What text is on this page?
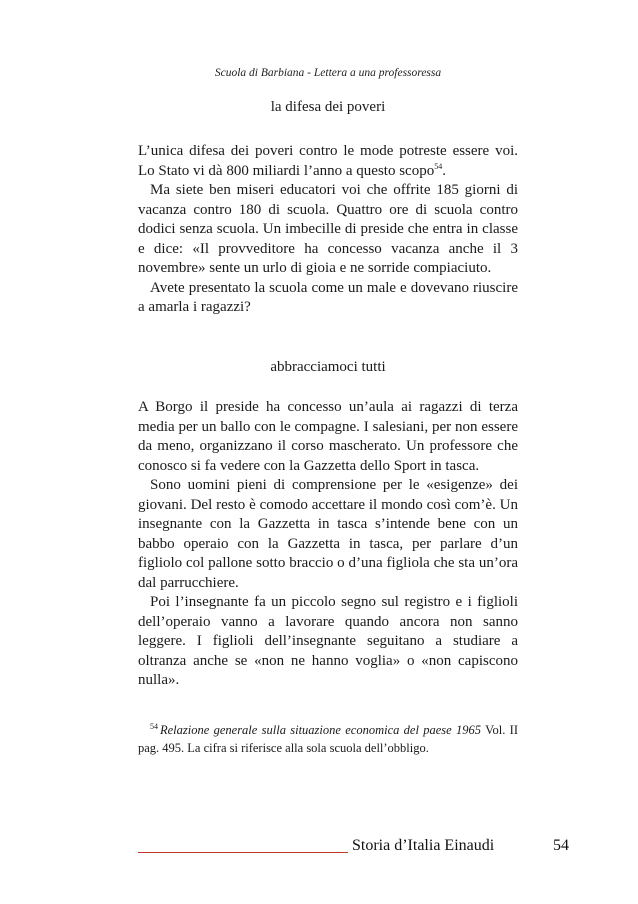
Scuola di Barbiana - Lettera a una professoressa
la difesa dei poveri

L’unica difesa dei poveri contro le mode potreste essere voi. Lo Stato vi dà 800 miliardi l’anno a questo scopo$^{54}$.

Ma siete ben miseri educatori voi che offrite 185 giorni di vacanza contro 180 di scuola. Quattro ore di scuola contro dodici senza scuola. Un imbecille di preside che entra in classe e dice: «Il provveditore ha concesso vacanza anche il 3 novembre» sente un urlo di gioia e ne sorride compiaciuto.

Avete presentato la scuola come un male e dovevano riuscire a amarla i ragazzi?

abbracciamoci tutti

A Borgo il preside ha concesso un’aula ai ragazzi di terza media per un ballo con le compagne. I salesiani, per non essere da meno, organizzano il corso mascherato. Un professore che conosco si fa vedere con la Gazzetta dello Sport in tasca.

Sono uomini pieni di comprensione per le «esigenze» dei giovani. Del resto è comodo accettare il mondo così com’è. Un insegnante con la Gazzetta in tasca s’intende bene con un babbo operaio con la Gazzetta in tasca, per parlare d’un figliolo col pallone sotto braccio o d’una figliola che sta un’ora dal parrucchiere.

Poi l’insegnante fa un piccolo segno sul registro e i figlioli dell’operaio vanno a lavorare quando ancora non sanno leggere. I figlioli dell’insegnante seguitano a studiare a oltranza anche se «non ne hanno voglia» o «non capiscono nulla».

$^{54}$ Relazione generale sulla situazione economica del paese 1965 Vol. II pag. 495. La cifra si riferisce alla sola scuola dell’obbligo.
Storia d’Italia Einaudi	54
